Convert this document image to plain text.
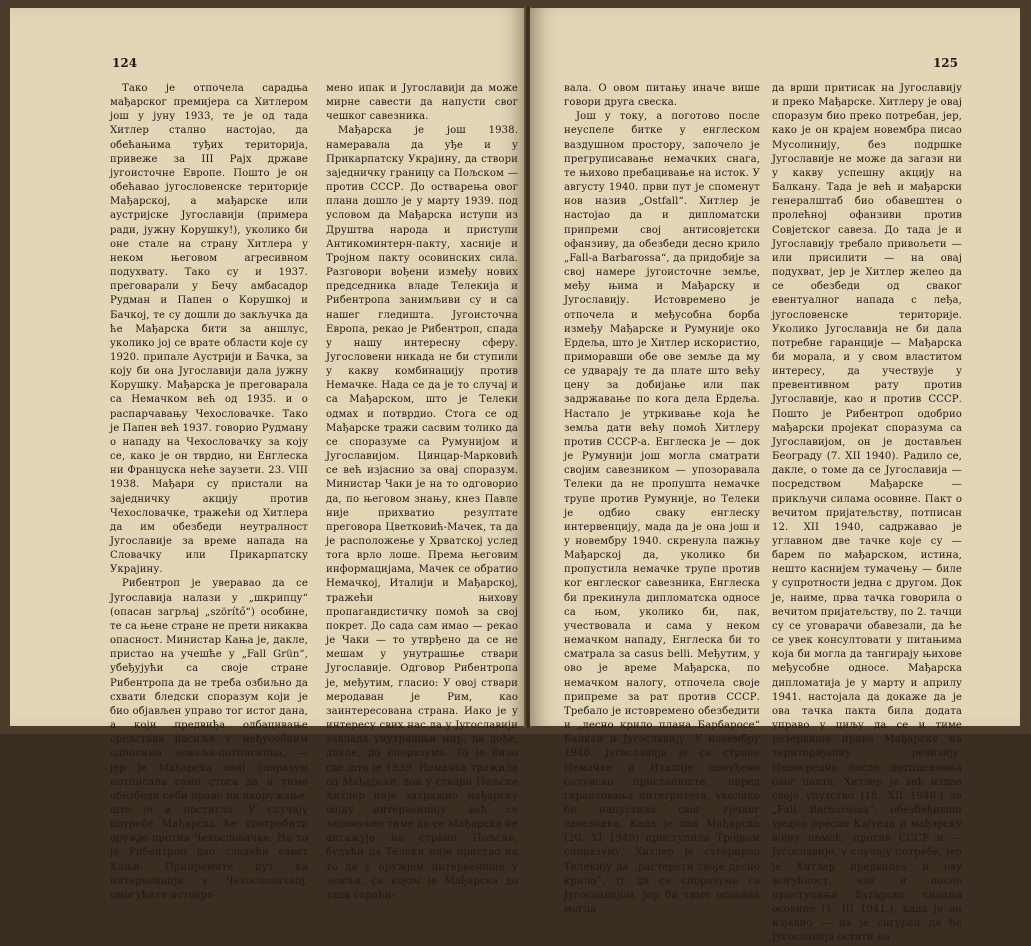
124

Тако је отпочела сарадња мађарског премијера са Хитлером још у јуну 1933, те је од тада Хитлер стално настојао, да обећањима туђих територија, привеже за III Рајх државе југоисточне Европе. Пошто је он обећавао југословенске територије Мађарској, а мађарске или аустријске Југославији (примера ради, јужну Корушку!), уколико би оне стале на страну Хитлера у неком његовом агресивном подухвату. Тако су и 1937. преговарали у Бечу амбасадор Рудман и Папен о Корушкој и Бачкој, те су дошли до закључка да ће Мађарска бити за аншлус, уколико јој се врате области које су 1920. припале Аустрији и Бачка, за коју би она Југославији дала јужну Корушку. Мађарска је преговарала са Немачком већ од 1935. и о распарчавању Чехословачке. Тако је Папен већ 1937. говорио Рудману о нападу на Чехословачку за коју се, како је он тврдио, ни Енглеска ни Француска неће заузети. 23. VIII 1938. Мађари су пристали на заједничку акцију против Чехословачке, тражећи од Хитлера да им обезбеди неутралност Југославије за време напада на Словачку или Прикарпатску Украјину.

Рибентроп је уверавао да се Југославија налази у „шкрипцу“ (опасан загрљај „szörítő“) особине, те са њене стране не прети никаква опасност. Министар Кања је, дакле, пристао на учешће у „Fall Grün“, убеђујући са своје стране Рибентропа да не треба озбиљно да схвати бледски споразум који је био објављен управо тог истог дана, а који предвиђа одбацивање средстава насиља у међусобним односима земаља-потписница, — јер је Мађарска овај споразум потписала само стога да и тиме обезбеди себи право на наоружање, што је и постигла. У случају потребе Мађарска ће употребити оружје против Чехословачке. На то је Рибентроп дао следећи савет Кањи: Припремите пут ка интервенцији у Чехословачкој, омогућите истовре-

мено ипак и Југославији да може мирне савести да напусти свог чешког савезника.

Мађарска је још 1938. намеравала да уђе и у Прикарпатску Украјину, да створи заједничку границу са Пољском — против СССР. До остварења овог плана дошло је у марту 1939. под условом да Мађарска иступи из Друштва народа и приступи Антикоминтерн-пакту, хасније и Тројном пакту осовинских сила. Разговори вођени између нових председника владе Телекија и Рибентропа занимљиви су и са нашег гледишта. Југоисточна Европа, рекао је Рибентроп, спада у нашу интересну сферу. Југословени никада не би ступили у какву комбинацију против Немачке. Нада се да је то случај и са Мађарском, што је Телеки одмах и потврдио. Стога се од Мађарске тражи сасвим толико да се споразуме са Румунијом и Југославијом. Цинцар-Марковић се већ изјаснио за овај споразум. Министар Чаки је на то одговорио да, по његовом знању, кнез Павле није прихватио резултате преговора Цветковић-Мачек, та да је расположење у Хрватској услед тога врло лоше. Према његовим информацијама, Мачек се обратио Немачкој, Италији и Мађарској, тражећи њихову пропагандистичку помоћ за свој покрет. До сада сам имао — рекао је Чаки — то утврђено да се не мешам у унутрашње ствари Југославије. Одговор Рибентропа је, међутим, гласио: У овој ствари меродаван је Рим, као заинтересована страна. Иако је у интересу свих нас да у Југославији завлада унутрашњи мир, да дође, дакле, до споразума. То је било све што је 1939. Немачка тражила од Мађарске, док у ствари Пољске Хитлер није затражио мађарску војну интервенцију, већ се задовољио тиме да се Мађарска не ангажује на страни Пољске, будући да Телеки није пристао на то да у оружјем интервенише у земљи, са којом је Мађарска до тада сарађи-

125

вала. О овом питању иначе више говори друга свеска.

Још у току, а поготово после неуспеле битке у енглеском ваздушном простору, започело је прегруписавање немачких снага, те њихово пребацивање на исток. У августу 1940. први пут је споменут нов назив „Ostfall“. Хитлер је настојао да и дипломатски припреми свој антисовјетски офанзиву, да обезбеди десно крило „Fall-a Barbarossa“, да придобије за свој намере југоисточне земље, међу њима и Мађарску и Југославију. Истовремено је отпочела и међусобна борба између Мађарске и Румуније око Ердеља, што је Хитлер искористио, приморавши обе ове земље да му се удварају те да плате што већу цену за добијање или пак задржавање по кога дела Ердеља. Настало је утркивање која ће земља дати већу помоћ Хитлеру против СССР-а. Енглеска је — док је Румунији још могла сматрати својим савезником — упозоравала Телеки да не пропушта немачке трупе против Румуније, но Телеки је одбио сваку енглеску интервенцију, мада да је она још и у новембру 1940. скренула пажњу Мађарској да, уколико би пропустила немачке трупе против ког енглеског савезника, Енглеска би прекинула дипломатска односе са њом, уколико би, пак, учествовала и сама у неком немачком нападу, Енглеска би то сматрала за casus belli. Међутим, у ово је време Мађарска, по немачком налогу, отпочела своје припреме за рат против СССР. Требало је истовремено обезбедити и „десно крило плана Барбаросе“ Балкан и Југославију. У новембру 1940. Југославија је са стране Немачке и Италије понуђено солунско пристаниште, поред гарантовања интегритета, уколико би напустила свог грчког савезника. Када је пак Мађарска (20. XI 1940) приступила Тројном споразуму, Хитлер је сугерирао Телекију да „растерети своје десно крило“, тј. да се споразуме са Југославијом, јер би тиме осовина могла

да врши притисак на Југославију и преко Мађарске. Хитлеру је овај споразум био преко потребан, јер, како је он крајем новембра писао Мусолинију, без подршке Југославије не може да загази ни у какву успешну акцију на Балкану. Тада је већ и мађарски генералштаб био обавештен о пролећној офанзиви против Совјетског савеза. До тада је и Југославију требало привољети — или присилити — на овај подухват, јер је Хитлер желео да се обезбеди од сваког евентуалног напада с леђа, југословенске територије. Уколико Југославија не би дала потребне гаранције — Мађарска би морала, и у свом властитом интересу, да учествује у превентивном рату против Југославије, као и против СССР. Пошто је Рибентроп одобрио мађарски пројекат споразума са Југославијом, он је достављен Београду (7. XII 1940). Радило се, дакле, о томе да се Југославија — посредством Мађарске — прикључи силама осовине. Пакт о вечитом пријатељству, потписан 12. XII 1940, садржавао је углавном две тачке које су — барем по мађарском, истина, нешто каснијем тумачењу — биле у супротности једна с другом. Док је, наиме, прва тачка говорила о вечитом пријатељству, по 2. тачци су се уговарачи обавезали, да ће се увек консултовати у питањима која би могла да тангирају њихове међусобне односе. Мађарска дипломатија је у марту и априлу 1941. настојала да докаже да је ова тачка пакта била додата управо у циљу да се и тиме резервише право Мађарске на територијалну ревизију. Непосредно после потписивања овог пакта, Хитлер је већ издао своје упутство (18. XII 1940.) за „Fall Barbarossa“, обезбеђивши уједно пресно Кајтела и мађарску војну помоћ, против СССР и — Југославије, у случају потребе, јер је Хитлер предвидео и ову могућност, чак и после приступања Бугарске силама осовине (1. III 1941.), када је он изјавио — да је сигуран да ће Југославија остати на
